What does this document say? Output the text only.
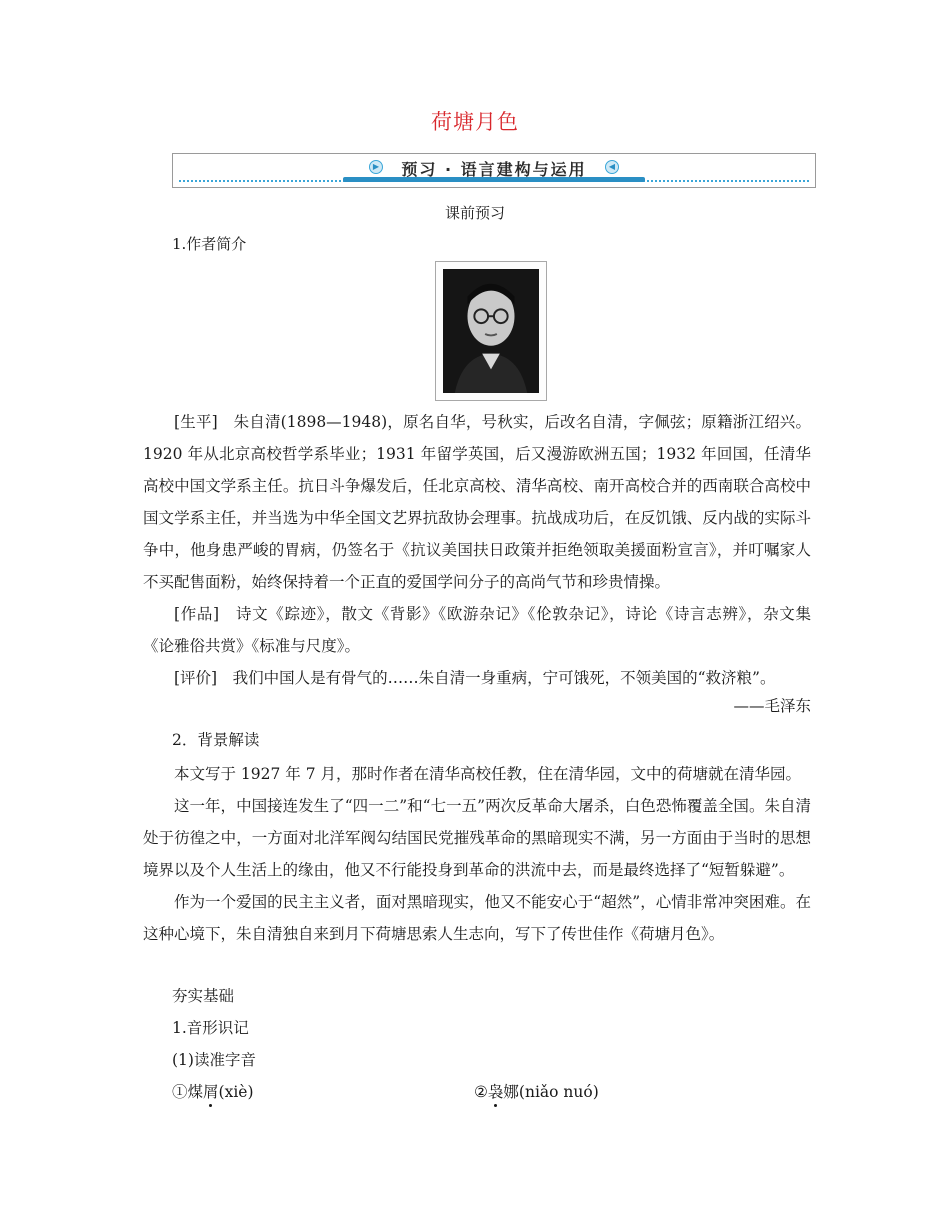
荷塘月色
▶	◀
预习 · 语言建构与运用
课前预习
1.作者简介

[生平]　 朱自清(1898—1948)，原名自华，号秋实，后改名自清，字佩弦；原籍浙江绍兴。1920 年从北京高校哲学系毕业；1931 年留学英国，后又漫游欧洲五国；1932 年回国，任清华高校中国文学系主任。抗日斗争爆发后，任北京高校、清华高校、南开高校合并的西南联合高校中国文学系主任，并当选为中华全国文艺界抗敌协会理事。抗战成功后，在反饥饿、反内战的实际斗争中，他身患严峻的胃病，仍签名于《抗议美国扶日政策并拒绝领取美援面粉宣言》，并叮嘱家人不买配售面粉，始终保持着一个正直的爱国学问分子的高尚气节和珍贵情操。

[作品]　 诗文《踪迹》，散文《背影》《欧游杂记》《伦敦杂记》，诗论《诗言志辨》，杂文集《论雅俗共赏》《标准与尺度》。

[评价]　 我们中国人是有骨气的……朱自清一身重病，宁可饿死，不领美国的“救济粮”。

——毛泽东
2．背景解读

本文写于 1927 年 7 月，那时作者在清华高校任教，住在清华园，文中的荷塘就在清华园。

这一年，中国接连发生了“四一二”和“七一五”两次反革命大屠杀，白色恐怖覆盖全国。朱自清处于彷徨之中，一方面对北洋军阀勾结国民党摧残革命的黑暗现实不满，另一方面由于当时的思想境界以及个人生活上的缘由，他又不行能投身到革命的洪流中去，而是最终选择了“短暂躲避”。

作为一个爱国的民主主义者，面对黑暗现实，他又不能安心于“超然”，心情非常冲突困难。在这种心境下，朱自清独自来到月下荷塘思索人生志向，写下了传世佳作《荷塘月色》。

夯实基础
1.音形识记
(1)读准字音
①煤屑(xiè)	②袅娜(niǎo nuó)
